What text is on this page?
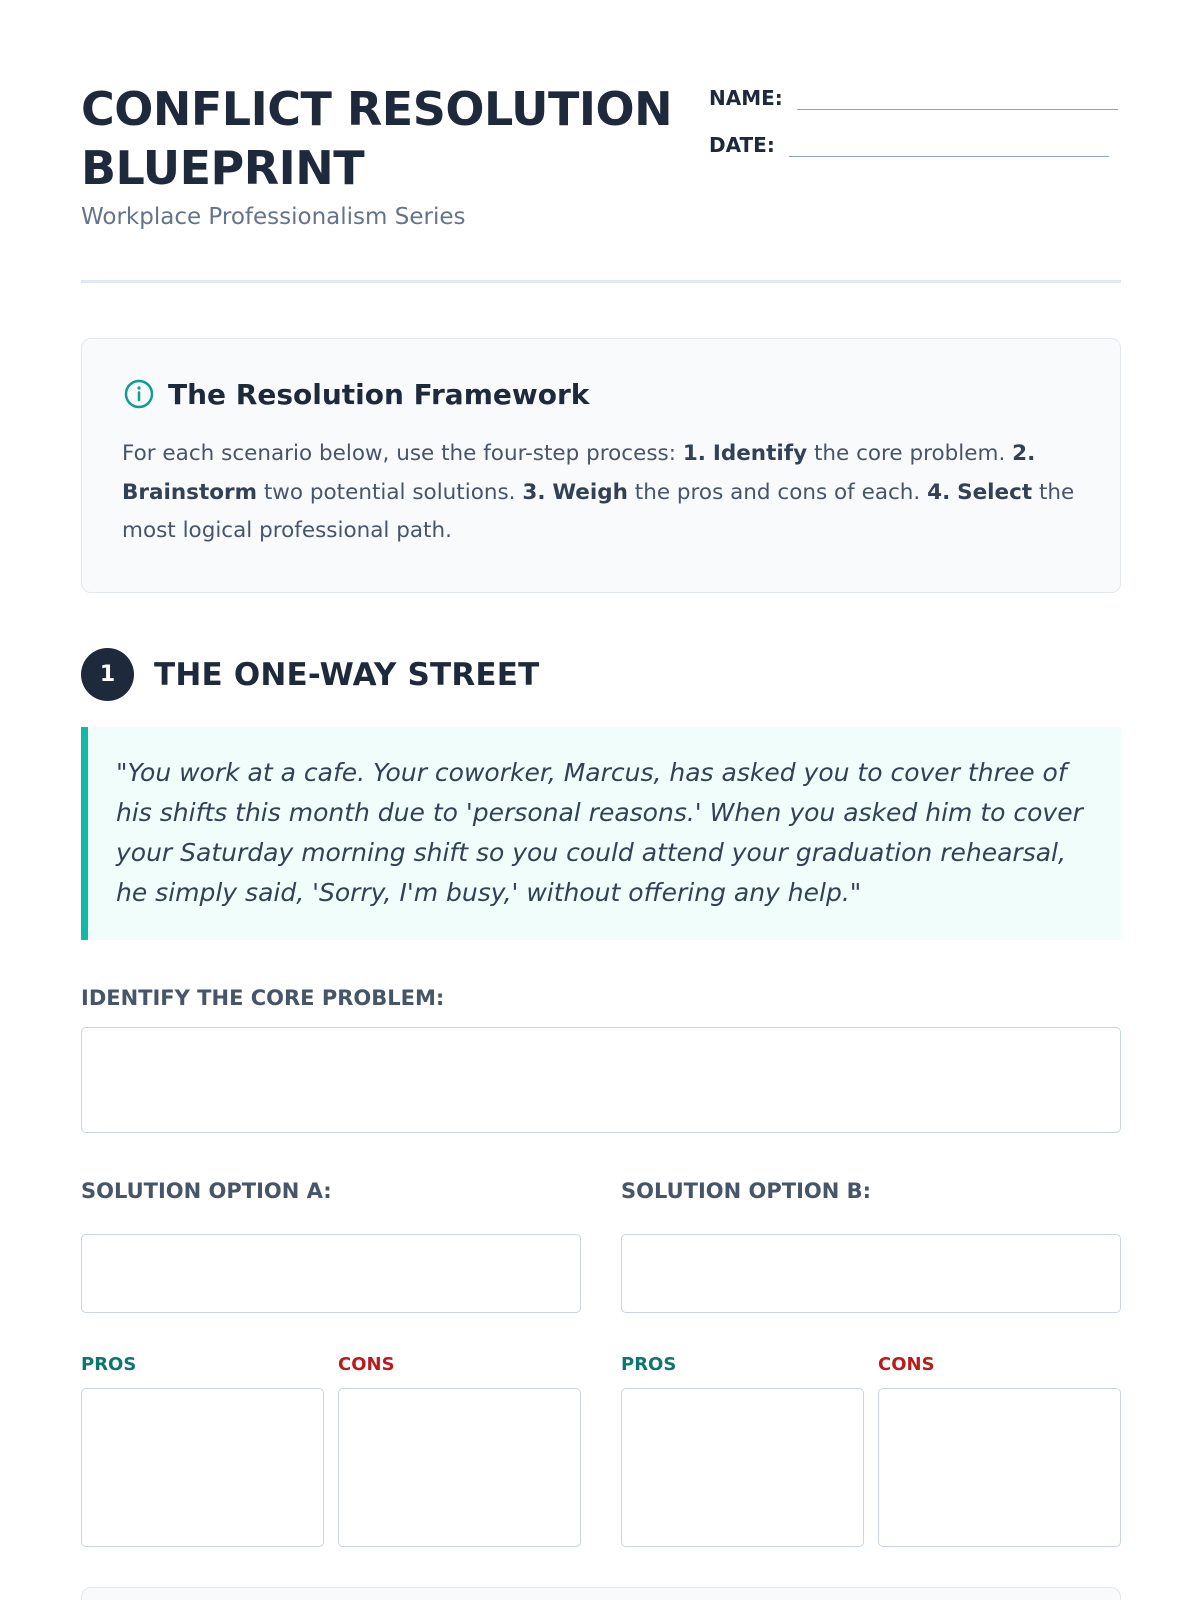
CONFLICT RESOLUTION BLUEPRINT
Workplace Professionalism Series
NAME:
DATE:
The Resolution Framework
For each scenario below, use the four-step process: 1. Identify the core problem. 2. Brainstorm two potential solutions. 3. Weigh the pros and cons of each. 4. Select the most logical professional path.
1	THE ONE-WAY STREET
"You work at a cafe. Your coworker, Marcus, has asked you to cover three of his shifts this month due to 'personal reasons.' When you asked him to cover your Saturday morning shift so you could attend your graduation rehearsal, he simply said, 'Sorry, I'm busy,' without offering any help."
IDENTIFY THE CORE PROBLEM:
SOLUTION OPTION A:	SOLUTION OPTION B:
PROS	CONS	PROS	CONS
